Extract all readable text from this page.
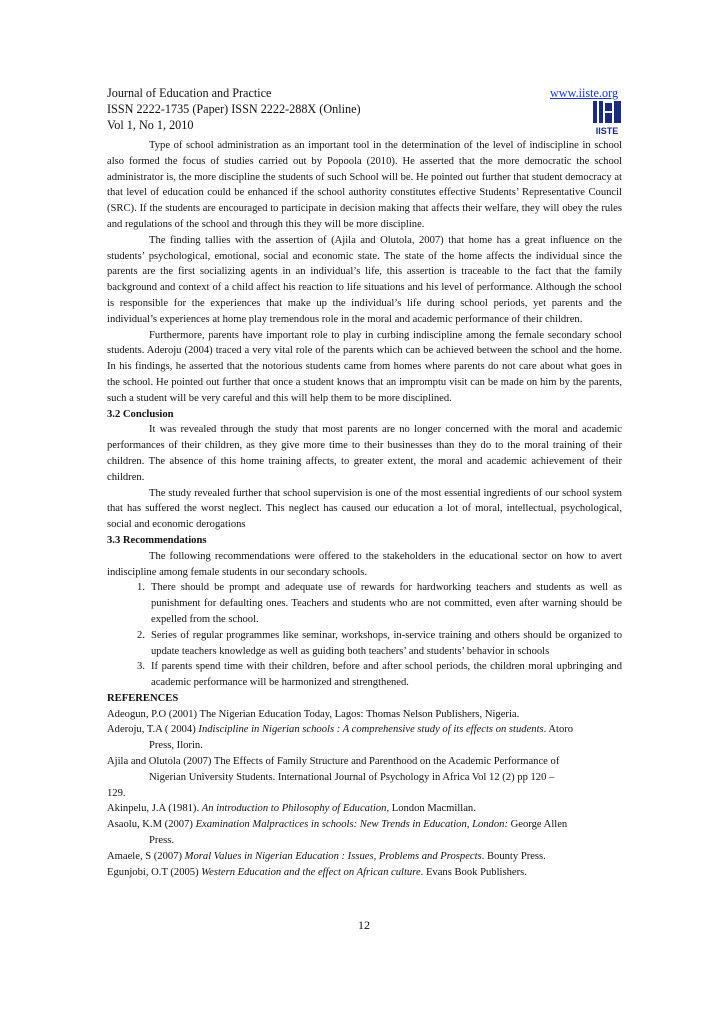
Journal of Education and Practice	www.iiste.org
ISSN 2222-1735 (Paper) ISSN 2222-288X (Online)
Vol 1, No 1, 2010	IISTE

Type of school administration as an important tool in the determination of the level of indiscipline in school also formed the focus of studies carried out by Popoola (2010). He asserted that the more democratic the school administrator is, the more discipline the students of such School will be. He pointed out further that student democracy at that level of education could be enhanced if the school authority constitutes effective Students’ Representative Council (SRC). If the students are encouraged to participate in decision making that affects their welfare, they will obey the rules and regulations of the school and through this they will be more discipline.

The finding tallies with the assertion of (Ajila and Olutola, 2007) that home has a great influence on the students’ psychological, emotional, social and economic state. The state of the home affects the individual since the parents are the first socializing agents in an individual’s life, this assertion is traceable to the fact that the family background and context of a child affect his reaction to life situations and his level of performance. Although the school is responsible for the experiences that make up the individual’s life during school periods, yet parents and the individual’s experiences at home play tremendous role in the moral and academic performance of their children.

Furthermore, parents have important role to play in curbing indiscipline among the female secondary school students. Aderoju (2004) traced a very vital role of the parents which can be achieved between the school and the home. In his findings, he asserted that the notorious students came from homes where parents do not care about what goes in the school. He pointed out further that once a student knows that an impromptu visit can be made on him by the parents, such a student will be very careful and this will help them to be more disciplined.

3.2 Conclusion

It was revealed through the study that most parents are no longer concerned with the moral and academic performances of their children, as they give more time to their businesses than they do to the moral training of their children. The absence of this home training affects, to greater extent, the moral and academic achievement of their children.

The study revealed further that school supervision is one of the most essential ingredients of our school system that has suffered the worst neglect. This neglect has caused our education a lot of moral, intellectual, psychological, social and economic derogations

3.3 Recommendations

The following recommendations were offered to the stakeholders in the educational sector on how to avert indiscipline among female students in our secondary schools.

1. There should be prompt and adequate use of rewards for hardworking teachers and students as well as punishment for defaulting ones. Teachers and students who are not committed, even after warning should be expelled from the school.
2. Series of regular programmes like seminar, workshops, in-service training and others should be organized to update teachers knowledge as well as guiding both teachers’ and students’ behavior in schools
3. If parents spend time with their children, before and after school periods, the children moral upbringing and academic performance will be harmonized and strengthened.

REFERENCES

Adeogun, P.O (2001) The Nigerian Education Today, Lagos: Thomas Nelson Publishers, Nigeria.
Aderoju, T.A ( 2004) Indiscipline in Nigerian schools : A comprehensive study of its effects on students. Atoro
Press, Ilorin.
Ajila and Olutola (2007) The Effects of Family Structure and Parenthood on the Academic Performance of
Nigerian University Students. International Journal of Psychology in Africa Vol 12 (2) pp 120 –
129.
Akinpelu, J.A (1981). An introduction to Philosophy of Education, London Macmillan.
Asaolu, K.M (2007) Examination Malpractices in schools: New Trends in Education, London: George Allen
Press.
Amaele, S (2007) Moral Values in Nigerian Education : Issues, Problems and Prospects. Bounty Press.
Egunjobi, O.T (2005) Western Education and the effect on African culture. Evans Book Publishers.
12
